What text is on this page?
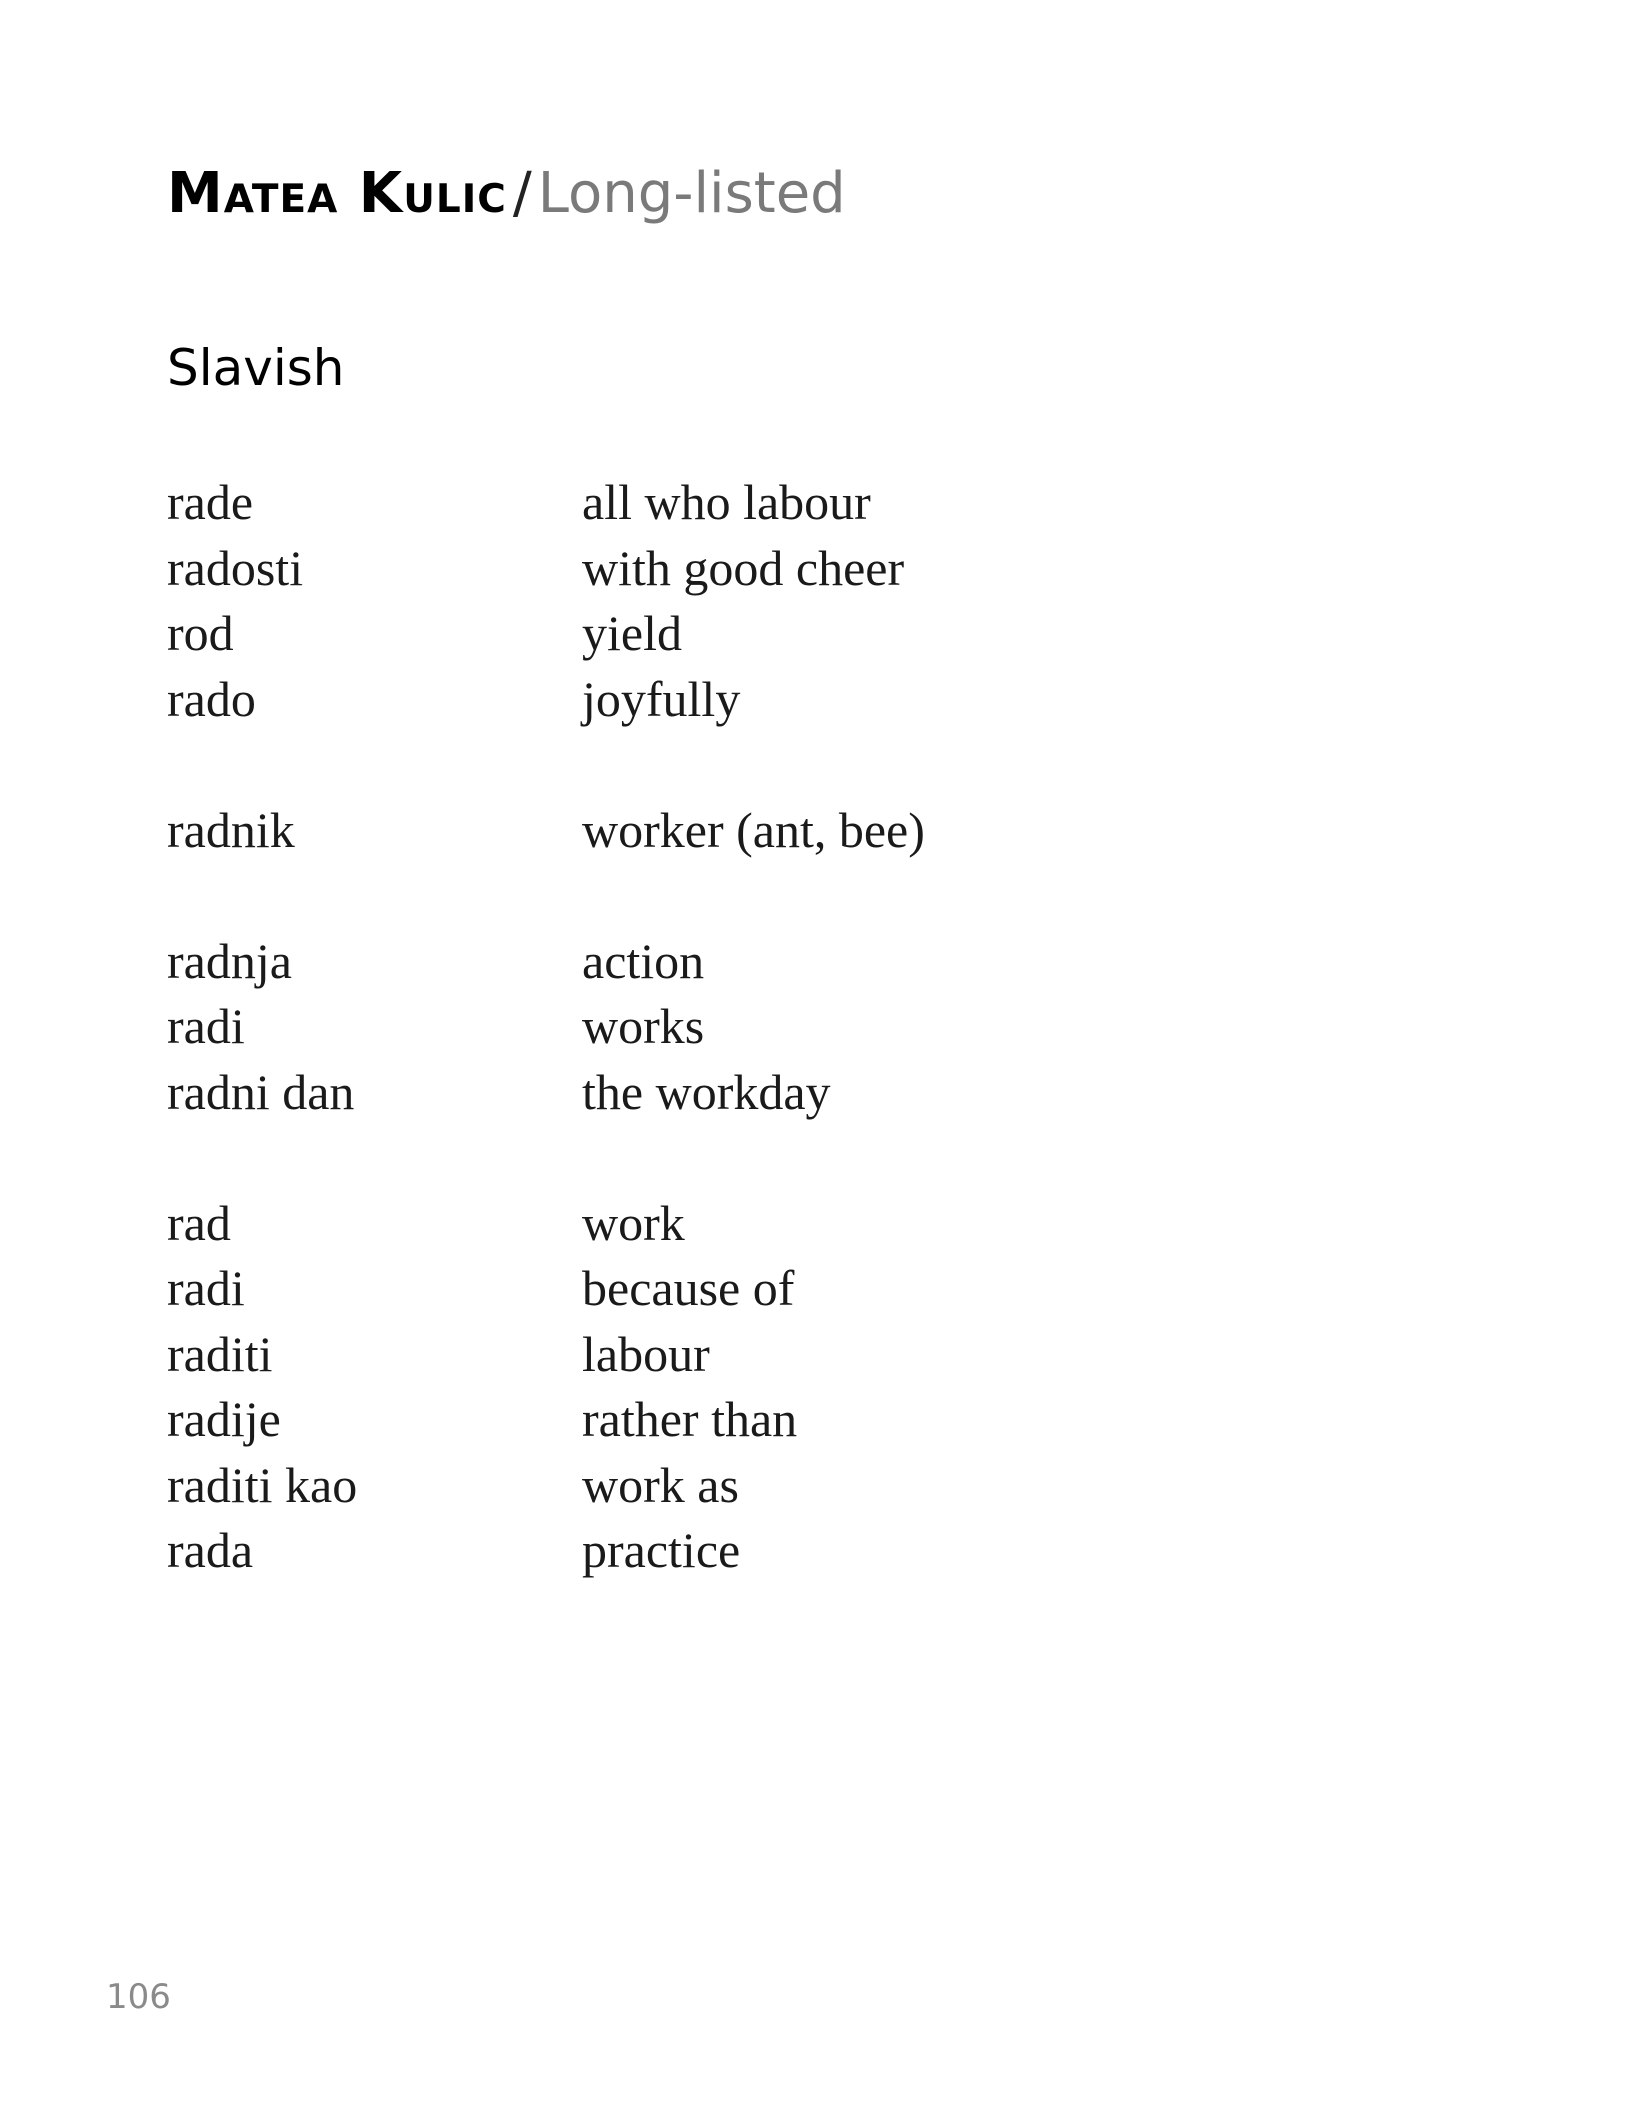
Matea Kulic / Long-listed
Slavish
rade	all who labour
radosti	with good cheer
rod	yield
rado	joyfully
radnik	worker (ant, bee)
radnja	action
radi	works
radni dan	the workday
rad	work
radi	because of
raditi	labour
radije	rather than
raditi kao	work as
rada	practice
106
